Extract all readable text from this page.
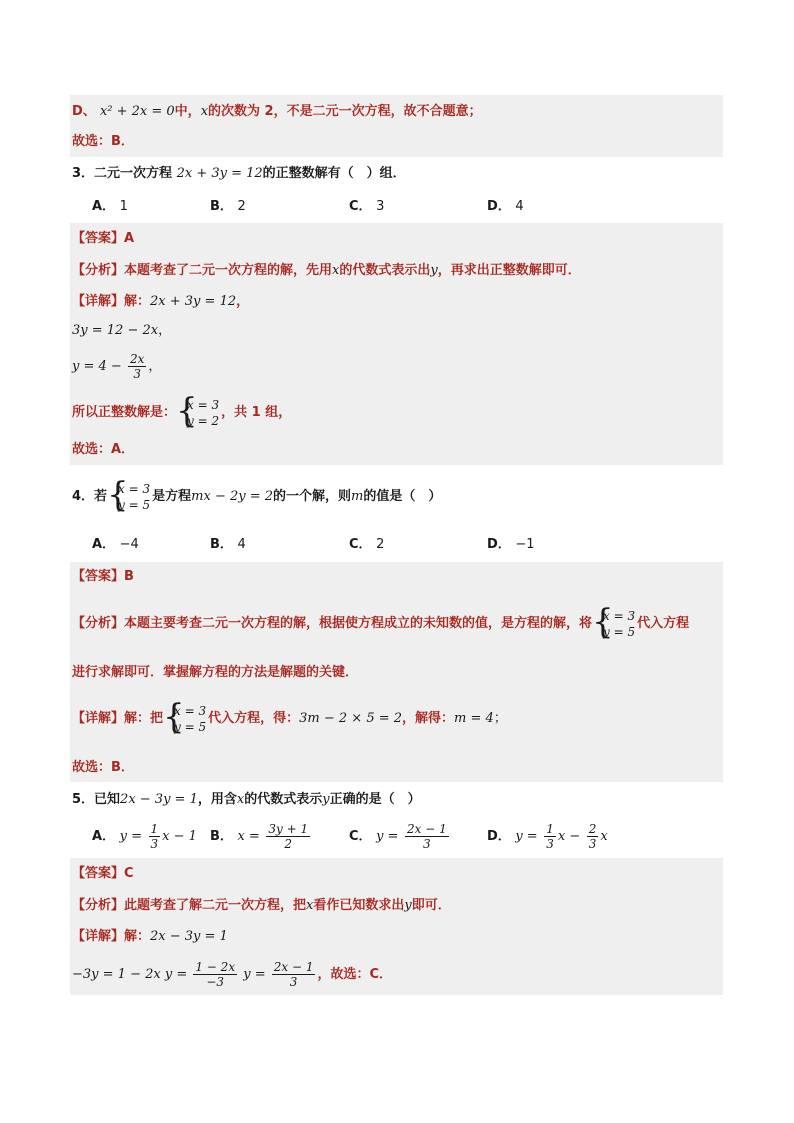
D、 x² + 2x = 0中，x的次数为 2，不是二元一次方程，故不合题意；
故选：B．
3．二元一次方程 2x + 3y = 12的正整数解有（　）组．
A． 1	B． 2	C． 3	D． 4
【答案】A
【分析】本题考查了二元一次方程的解，先用x的代数式表示出y，再求出正整数解即可．
【详解】解：2x + 3y = 12，
3y = 12 − 2x，
$y = 4 - \frac{2x}{3}$ ，
所以正整数解是：
{ x = 3
y = 2
，共 1 组，
故选：A．
4．若
{ x = 3
y = 5
是方程mx − 2y = 2的一个解，则m的值是（　）
A． −4	B． 4	C． 2	D． −1
【答案】B
【分析】本题主要考查二元一次方程的解，根据使方程成立的未知数的值，是方程的解，将
{ x = 3
y = 5
代入方程
进行求解即可．掌握解方程的方法是解题的关键．
【详解】解：把
{ x = 3
y = 5
代入方程，得：3m − 2 × 5 = 2，解得：m = 4；
故选：B．
5．已知2x − 3y = 1，用含x的代数式表示y正确的是（　）
A． $y = \frac{1}{3}$ x − 1 B． $x = \frac{3y + 1}{2}$	C． $y = \frac{2x - 1}{3}$	D． $y = \frac{1}{3}$ $x - \frac{2}{3}$ x
【答案】C
【分析】此题考查了解二元一次方程，把x看作已知数求出y即可．
【详解】解：2x − 3y = 1
−3y = 1 − 2x $y = \frac{1 - 2x}{-3}$ $y = \frac{2x - 1}{3}$ ，故选：C．
